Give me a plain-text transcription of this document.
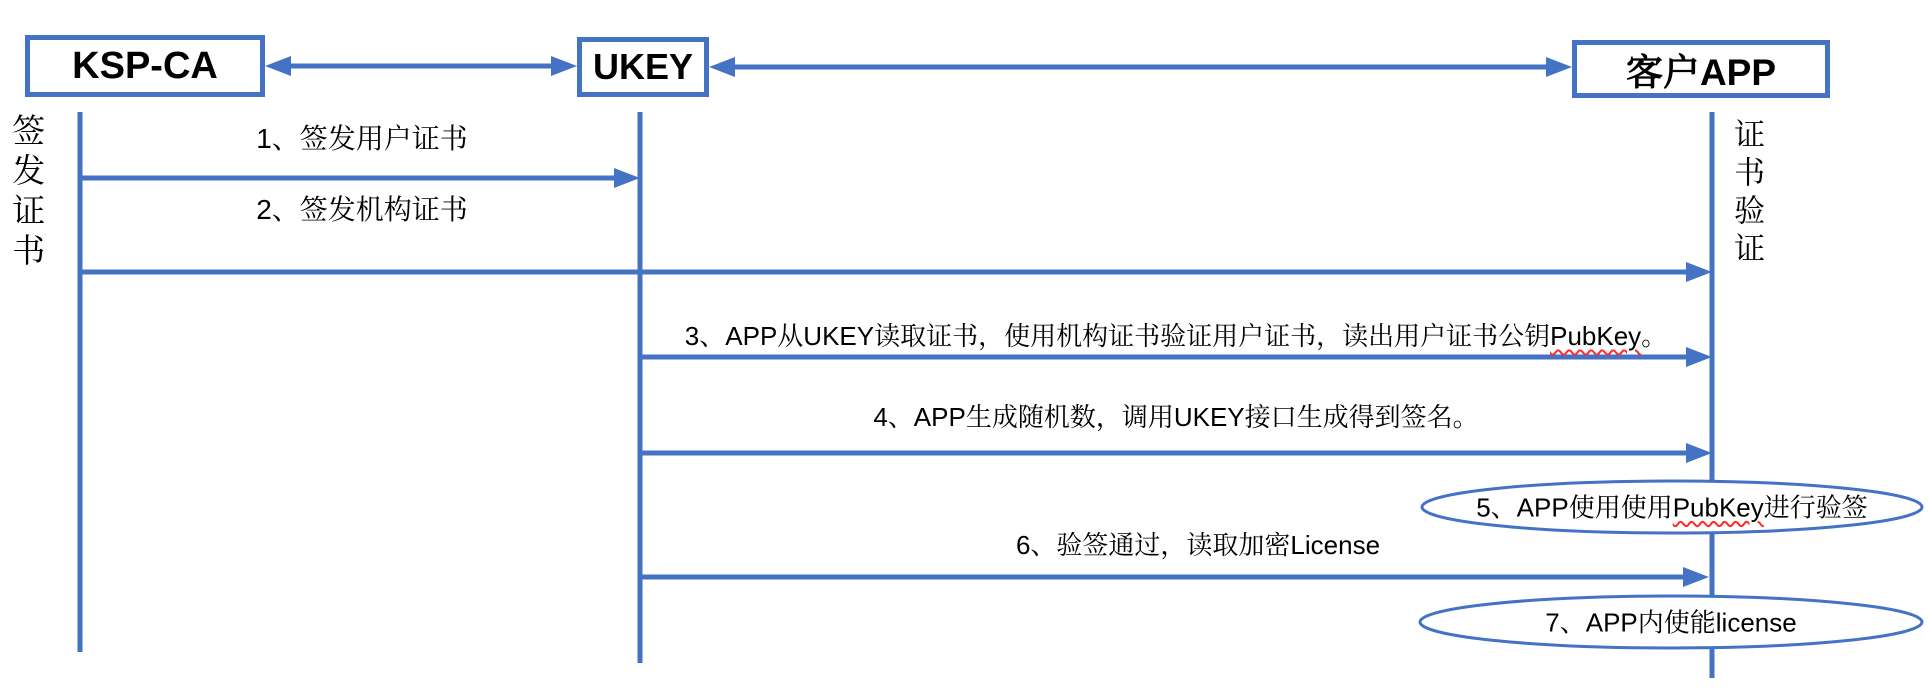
KSP-CA	UKEY	客户APP
签发证书	证书验证
1、签发用户证书
2、签发机构证书
3、APP从UKEY读取证书，使用机构证书验证用户证书，读出用户证书公钥PubKey。
4、APP生成随机数，调用UKEY接口生成得到签名。
6、验签通过，读取加密License
5、APP使用使用PubKey进行验签
7、APP内使能license
